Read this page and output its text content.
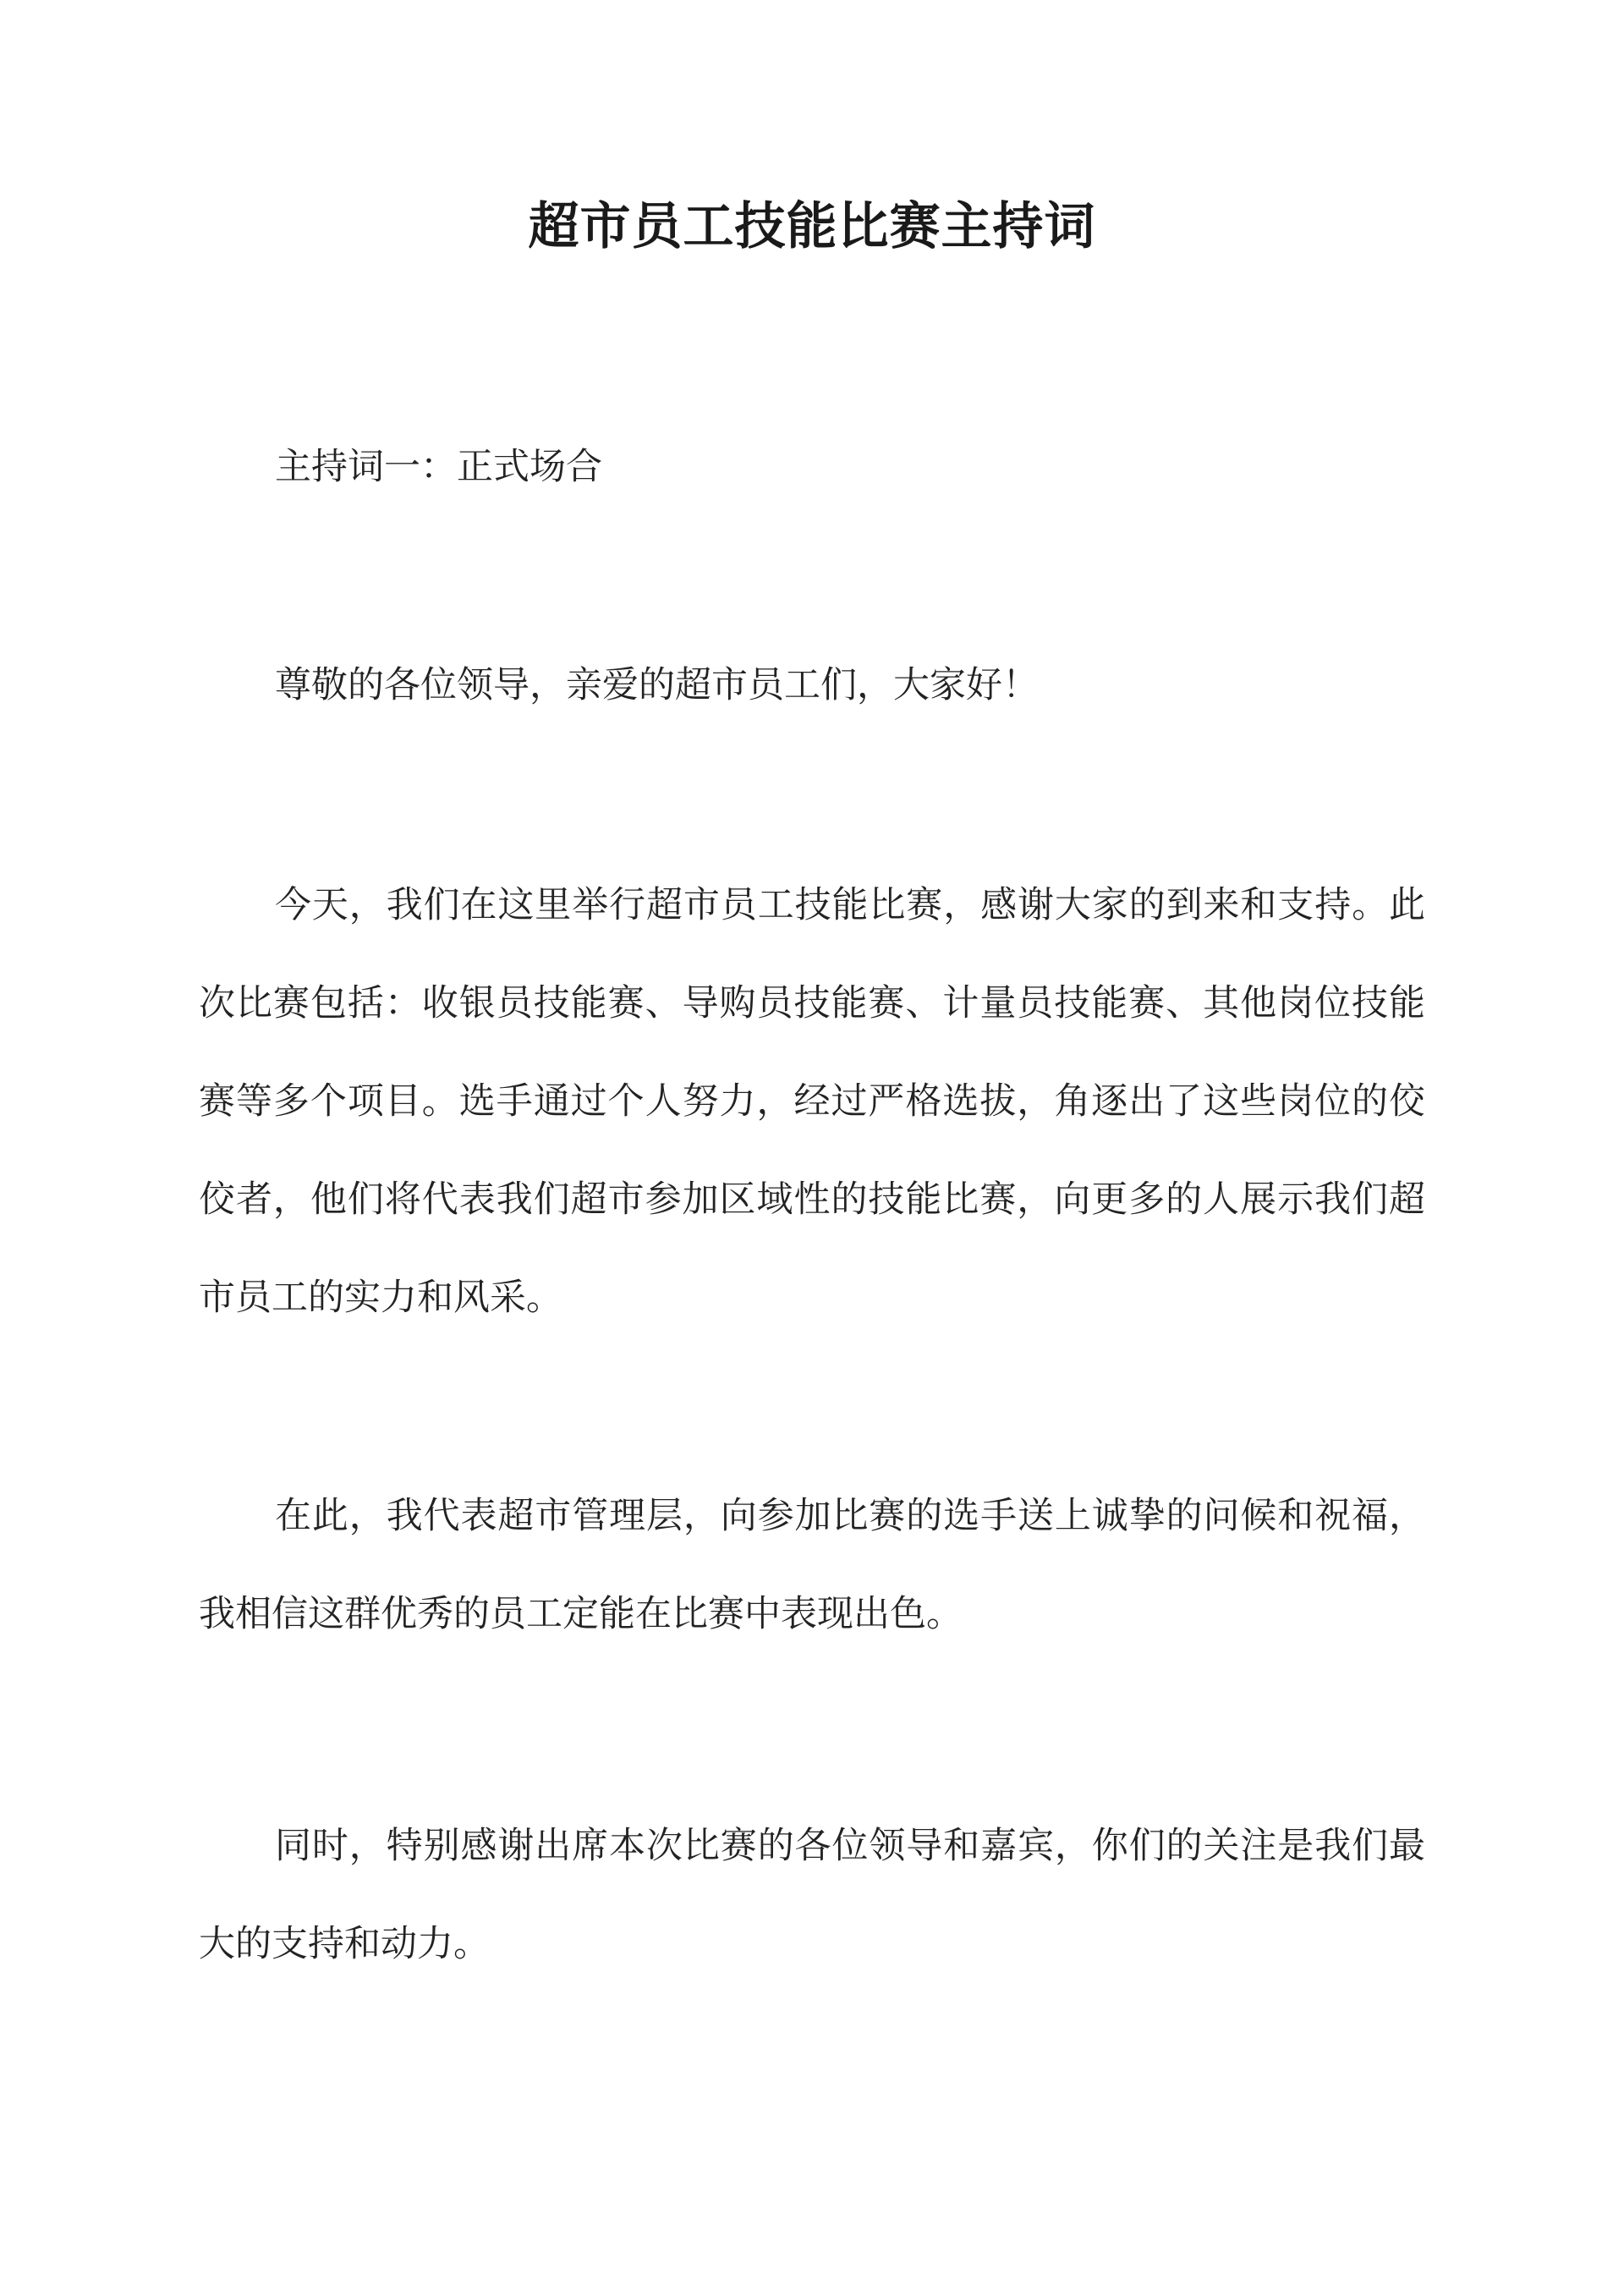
超市员工技能比赛主持词

主持词一：正式场合

尊敬的各位领导，亲爱的超市员工们，大家好！

今天，我们在这里举行超市员工技能比赛，感谢大家的到来和支持。此次比赛包括：收银员技能赛、导购员技能赛、计量员技能赛、其他岗位技能赛等多个项目。选手通过个人努力，经过严格选拔，角逐出了这些岗位的佼佼者，他们将代表我们超市参加区域性的技能比赛，向更多的人展示我们超市员工的实力和风采。

在此，我代表超市管理层，向参加比赛的选手送上诚挚的问候和祝福，我相信这群优秀的员工定能在比赛中表现出色。

同时，特别感谢出席本次比赛的各位领导和嘉宾，你们的关注是我们最大的支持和动力。
